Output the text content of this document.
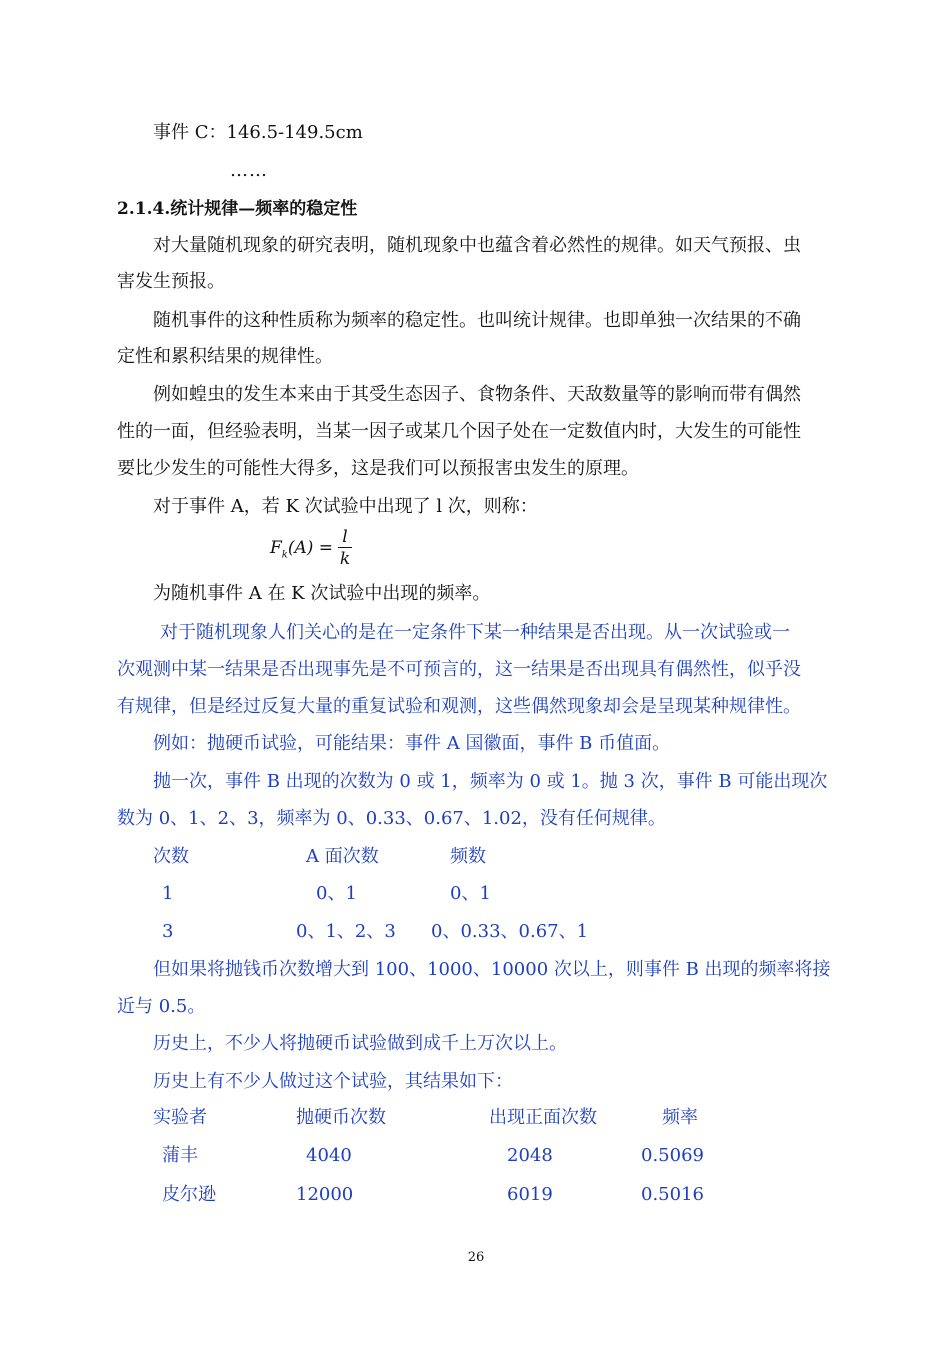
事件 C：146.5-149.5cm
……
2.1.4.统计规律—频率的稳定性
对大量随机现象的研究表明，随机现象中也蕴含着必然性的规律。如天气预报、虫
害发生预报。
随机事件的这种性质称为频率的稳定性。也叫统计规律。也即单独一次结果的不确
定性和累积结果的规律性。
例如蝗虫的发生本来由于其受生态因子、食物条件、天敌数量等的影响而带有偶然
性的一面，但经验表明，当某一因子或某几个因子处在一定数值内时，大发生的可能性
要比少发生的可能性大得多，这是我们可以预报害虫发生的原理。
对于事件 A，若 K 次试验中出现了 l 次，则称：
$F_k(A)$ =
l
k
为随机事件 A 在 K 次试验中出现的频率。
对于随机现象人们关心的是在一定条件下某一种结果是否出现。从一次试验或一
次观测中某一结果是否出现事先是不可预言的，这一结果是否出现具有偶然性，似乎没
有规律，但是经过反复大量的重复试验和观测，这些偶然现象却会是呈现某种规律性。
例如：抛硬币试验，可能结果：事件 A 国徽面，事件 B 币值面。
抛一次，事件 B 出现的次数为 0 或 1，频率为 0 或 1。抛 3 次，事件 B 可能出现次
数为 0、1、2、3，频率为 0、0.33、0.67、1.02，没有任何规律。
次数	A 面次数	频数
1	0、1	0、1
3	0、1、2、3 0、0.33、0.67、1
但如果将抛钱币次数增大到 100、1000、10000 次以上，则事件 B 出现的频率将接
近与 0.5。
历史上，不少人将抛硬币试验做到成千上万次以上。
历史上有不少人做过这个试验，其结果如下：
实验者	抛硬币次数	出现正面次数	频率
蒲丰	4040	2048	0.5069
皮尔逊	12000	6019	0.5016
26
